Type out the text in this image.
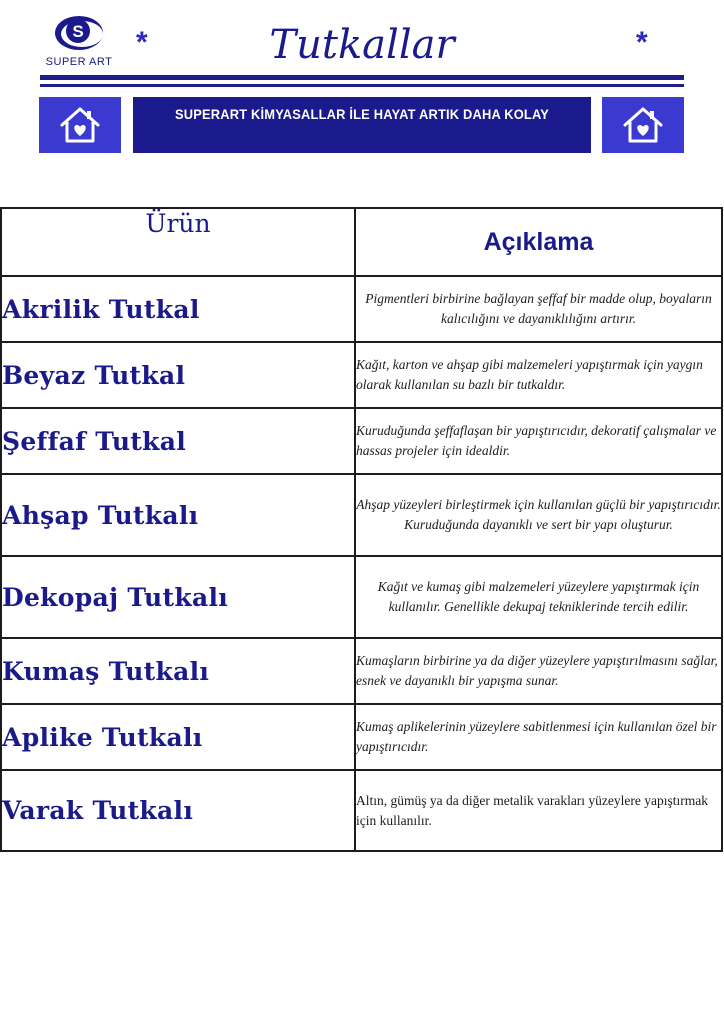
S
SUPER ART
*	Tutkallar	*
SUPERART KİMYASALLAR İLE HAYAT ARTIK DAHA KOLAY
Ürün	Açıklama
Akrilik Tutkal	Pigmentleri birbirine bağlayan şeffaf bir madde olup, boyaların kalıcılığını ve dayanıklılığını artırır.
Beyaz Tutkal	Kağıt, karton ve ahşap gibi malzemeleri yapıştırmak için yaygın olarak kullanılan su bazlı bir tutkaldır.
Şeffaf Tutkal	Kuruduğunda şeffaflaşan bir yapıştırıcıdır, dekoratif çalışmalar ve hassas projeler için idealdir.
Ahşap Tutkalı	Ahşap yüzeyleri birleştirmek için kullanılan güçlü bir yapıştırıcıdır. Kuruduğunda dayanıklı ve sert bir yapı oluşturur.
Dekopaj Tutkalı	Kağıt ve kumaş gibi malzemeleri yüzeylere yapıştırmak için kullanılır. Genellikle dekupaj tekniklerinde tercih edilir.
Kumaş Tutkalı	Kumaşların birbirine ya da diğer yüzeylere yapıştırılmasını sağlar, esnek ve dayanıklı bir yapışma sunar.
Aplike Tutkalı	Kumaş aplikelerinin yüzeylere sabitlenmesi için kullanılan özel bir yapıştırıcıdır.
Varak Tutkalı	Altın, gümüş ya da diğer metalik varakları yüzeylere yapıştırmak için kullanılır.
